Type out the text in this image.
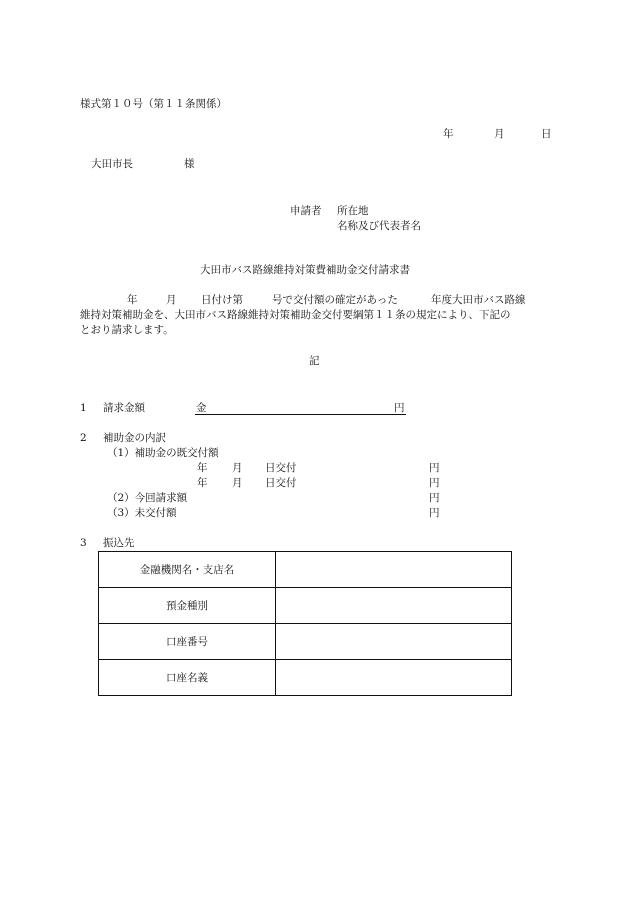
様式第１０号（第１１条関係）
年	月	日
大田市長	様
申請者 所在地
名称及び代表者名
大田市バス路線維持対策費補助金交付請求書
年	月 日付け第	号で交付額の確定があった	年度大田市バス路線
維持対策補助金を、大田市バス路線維持対策補助金交付要綱第１１条の規定により、下記の
とおり請求します。
記
1 請求金額	金	円
2 補助金の内訳
（1）補助金の既交付額
年 月 日交付	円
年 月 日交付	円
（2）今回請求額	円
（3）未交付額	円
3 振込先
金融機関名・支店名	
預金種別	
口座番号	
口座名義	
